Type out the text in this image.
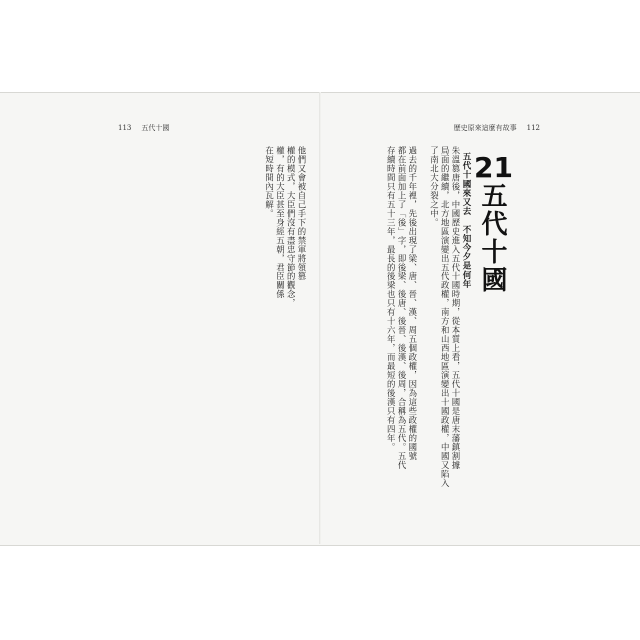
113 五代十國	歷史原來這麼有故事 112
他們又會被自己手下的禁軍將領篡
權的模式，大臣們沒有盡忠守節的觀念，
權，有的大臣甚至身經五朝，君臣關係
在短時間內瓦解。	21
五代十國
五代十國來又去　不知今夕是何年
朱溫篡唐後，中國歷史進入五代十國時期，從本質上看，五代十國是唐末藩鎮割據
局面的繼續，北方地區演變出五代政權，南方和山西地區演變出十國政權，中國又陷入
了南北大分裂之中。
過去的千年裡，先後出現了梁、唐、晉、漢、周五個政權，因為這些政權的國號
都在前面加上了「後」字，即後梁、後唐、後晉、後漢、後周，合稱為五代。五代
存續時間只有五十三年，最長的後梁也只有十六年，而最短的後漢只有四年。
